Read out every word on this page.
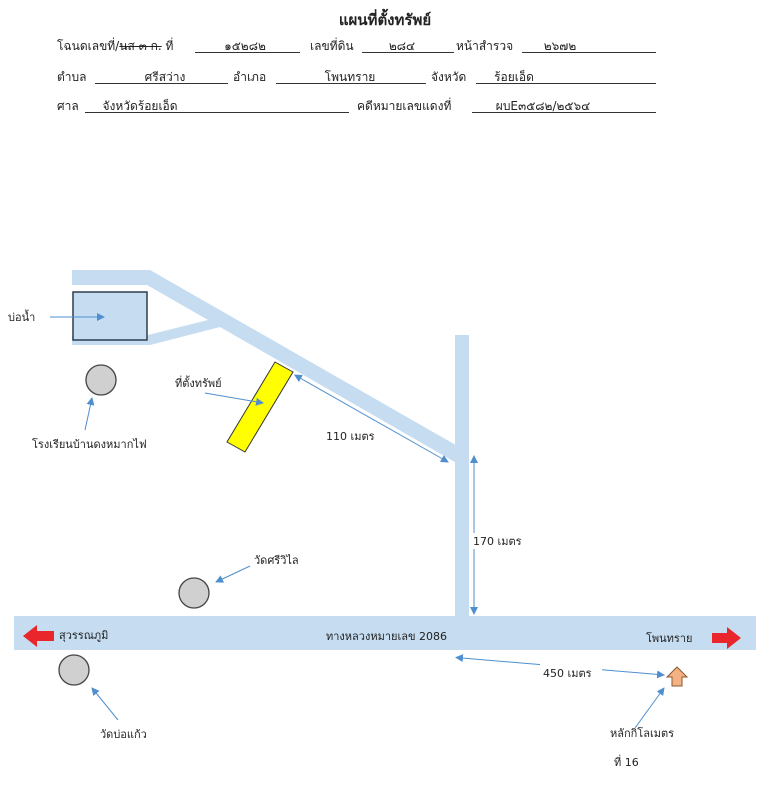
แผนที่ตั้งทรัพย์
โฉนดเลขที่/นส ๓ ก. ที่	๑๕๒๘๒	เลขที่ดิน	๒๘๔	หน้าสำรวจ	๒๖๗๒
ตำบล	ศรีสว่าง	อำเภอ	โพนทราย	จังหวัด	ร้อยเอ็ด
ศาล	จังหวัดร้อยเอ็ด	คดีหมายเลขแดงที่	ผบE๓๕๘๒/๒๕๖๔
บ่อน้ำ
ที่ตั้งทรัพย์
โรงเรียนบ้านดงหมากไฟ
110 เมตร
170 เมตร
วัดศรีวิไล
สุวรรณภูมิ	ทางหลวงหมายเลข 2086	โพนทราย
วัดบ่อแก้ว
450 เมตร
หลักกิโลเมตร
ที่ 16
